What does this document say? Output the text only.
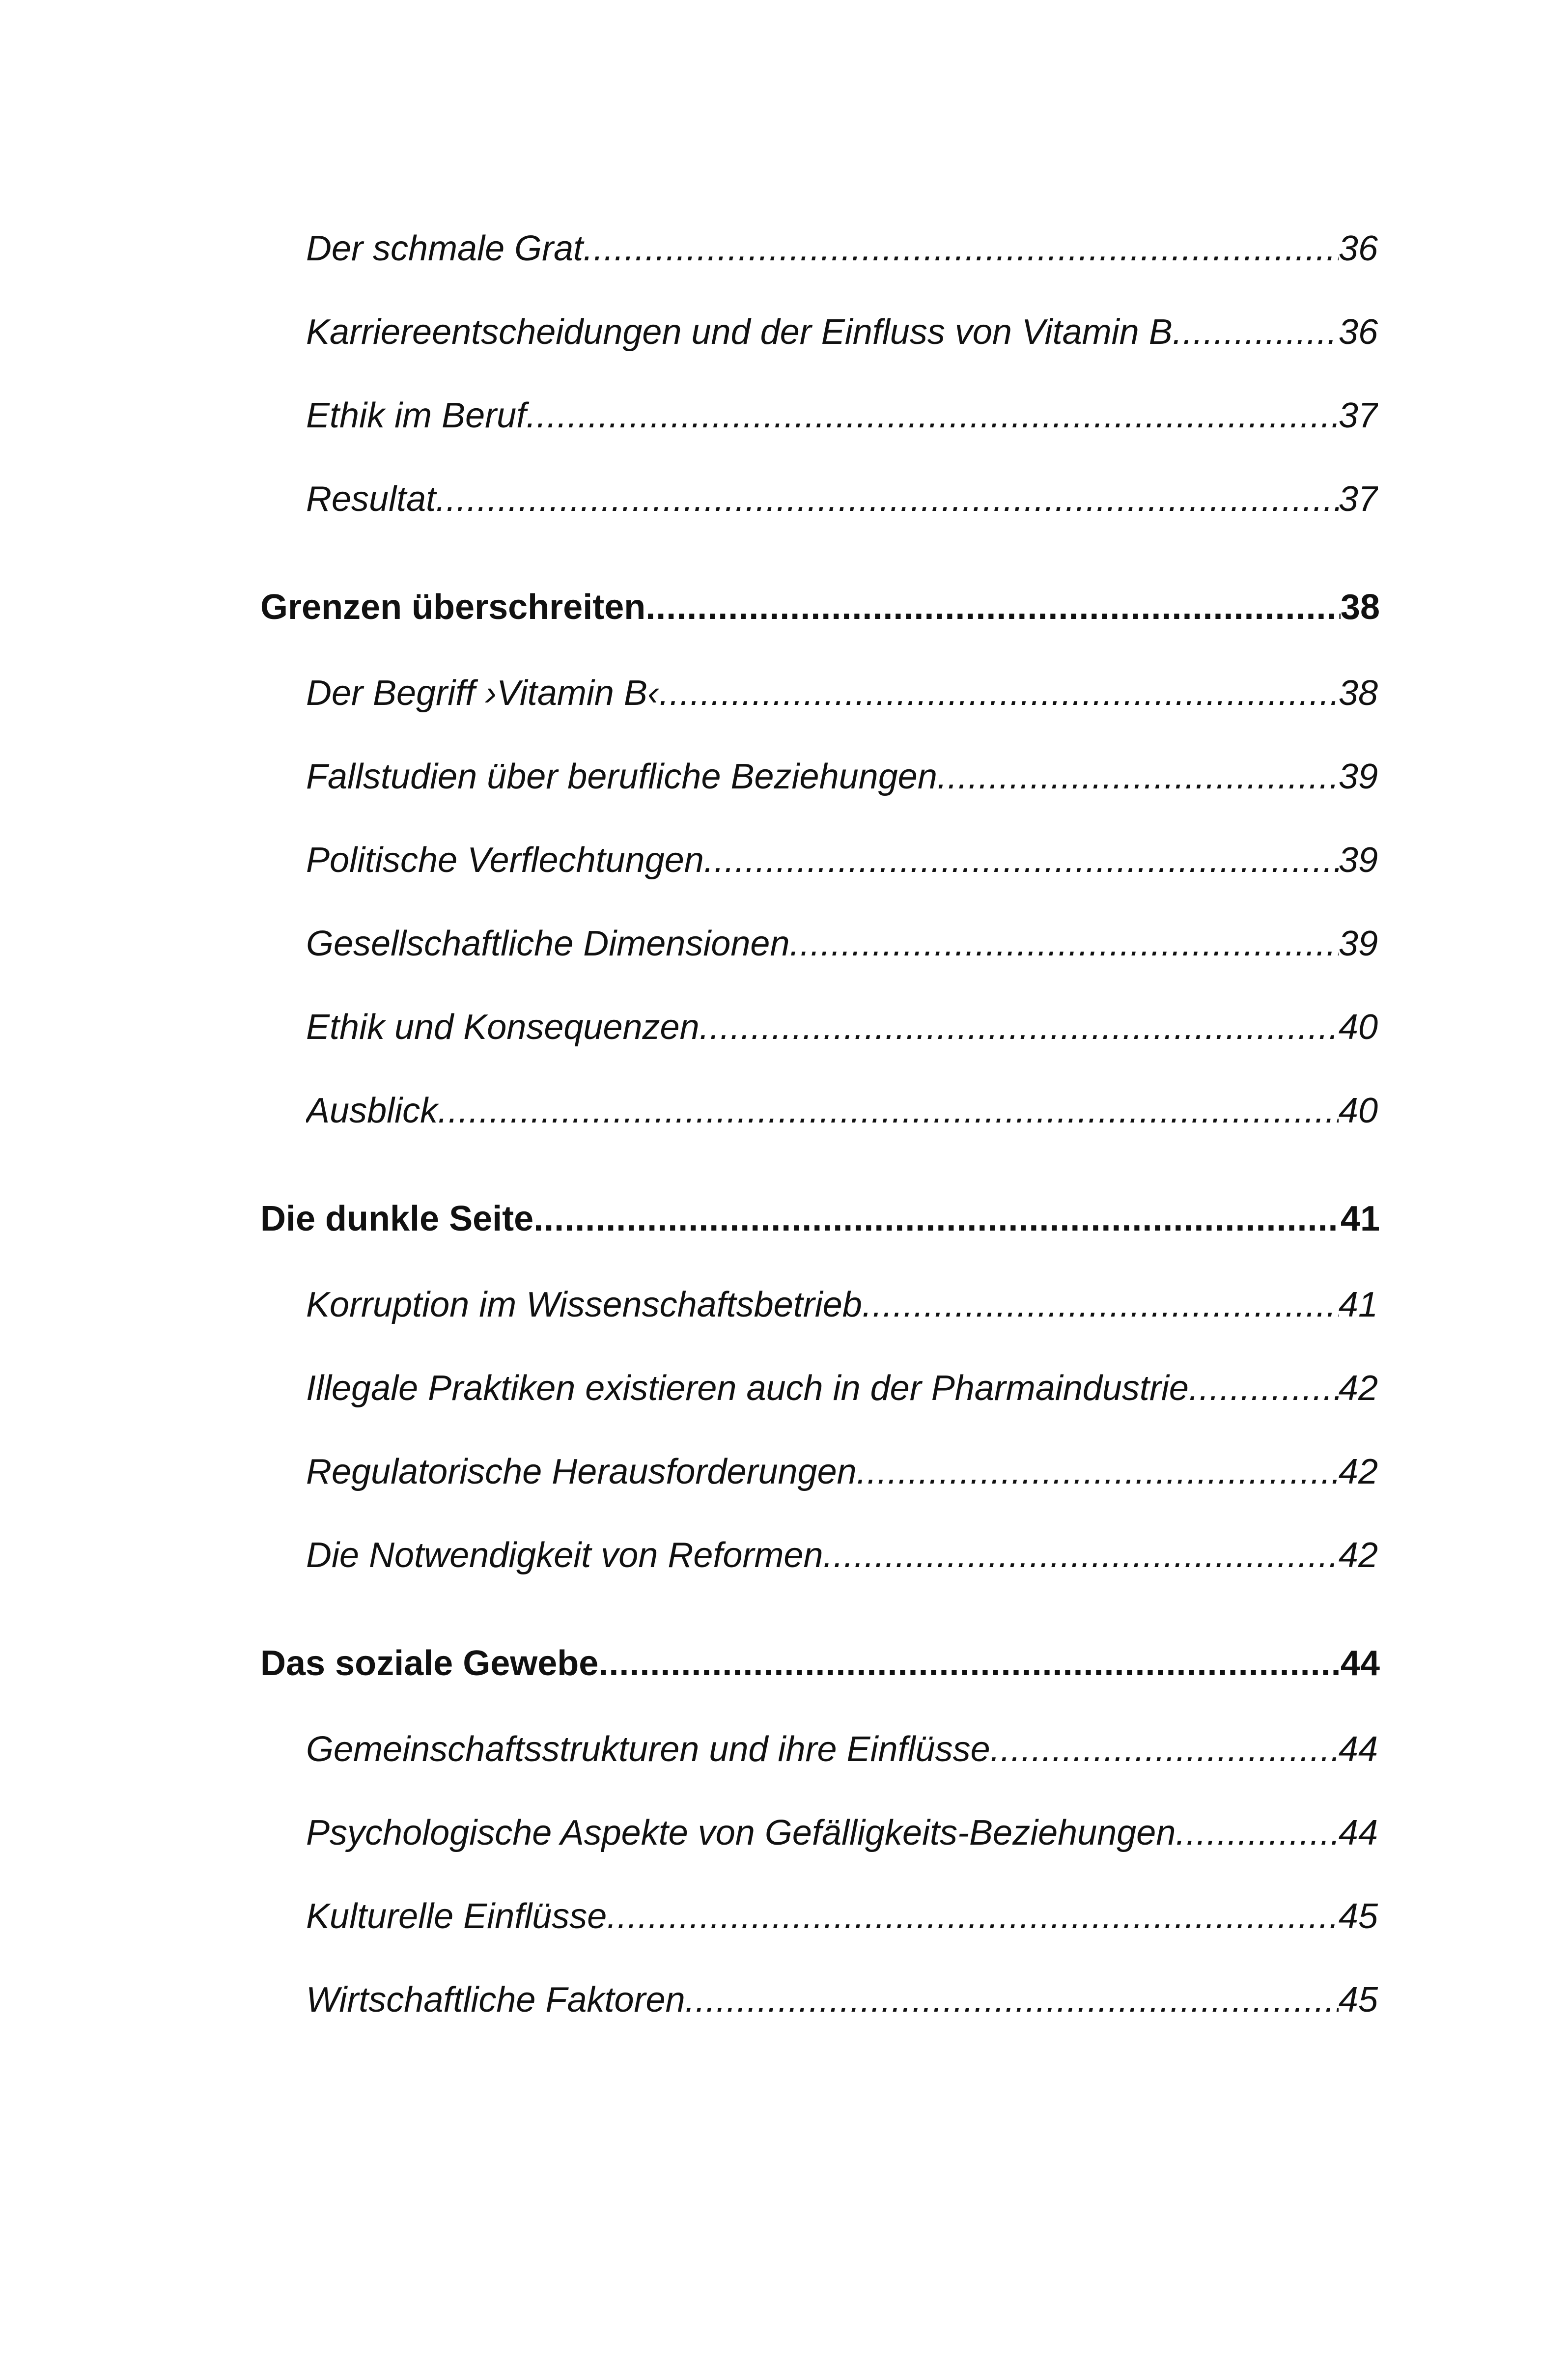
Der schmale Grat .....	36
Karriereentscheidungen und der Einfluss von Vitamin B .....	36
Ethik im Beruf .....	37
Resultat .....	37
Grenzen überschreiten .....	38
Der Begriff ›Vitamin B‹ .....	38
Fallstudien über berufliche Beziehungen .....	39
Politische Verflechtungen .....	39
Gesellschaftliche Dimensionen .....	39
Ethik und Konsequenzen .....	40
Ausblick .....	40
Die dunkle Seite .....	41
Korruption im Wissenschaftsbetrieb .....	41
Illegale Praktiken existieren auch in der Pharmaindustrie .....	42
Regulatorische Herausforderungen .....	42
Die Notwendigkeit von Reformen .....	42
Das soziale Gewebe .....	44
Gemeinschaftsstrukturen und ihre Einflüsse .....	44
Psychologische Aspekte von Gefälligkeits-Beziehungen .....	44
Kulturelle Einflüsse .....	45
Wirtschaftliche Faktoren .....	45
